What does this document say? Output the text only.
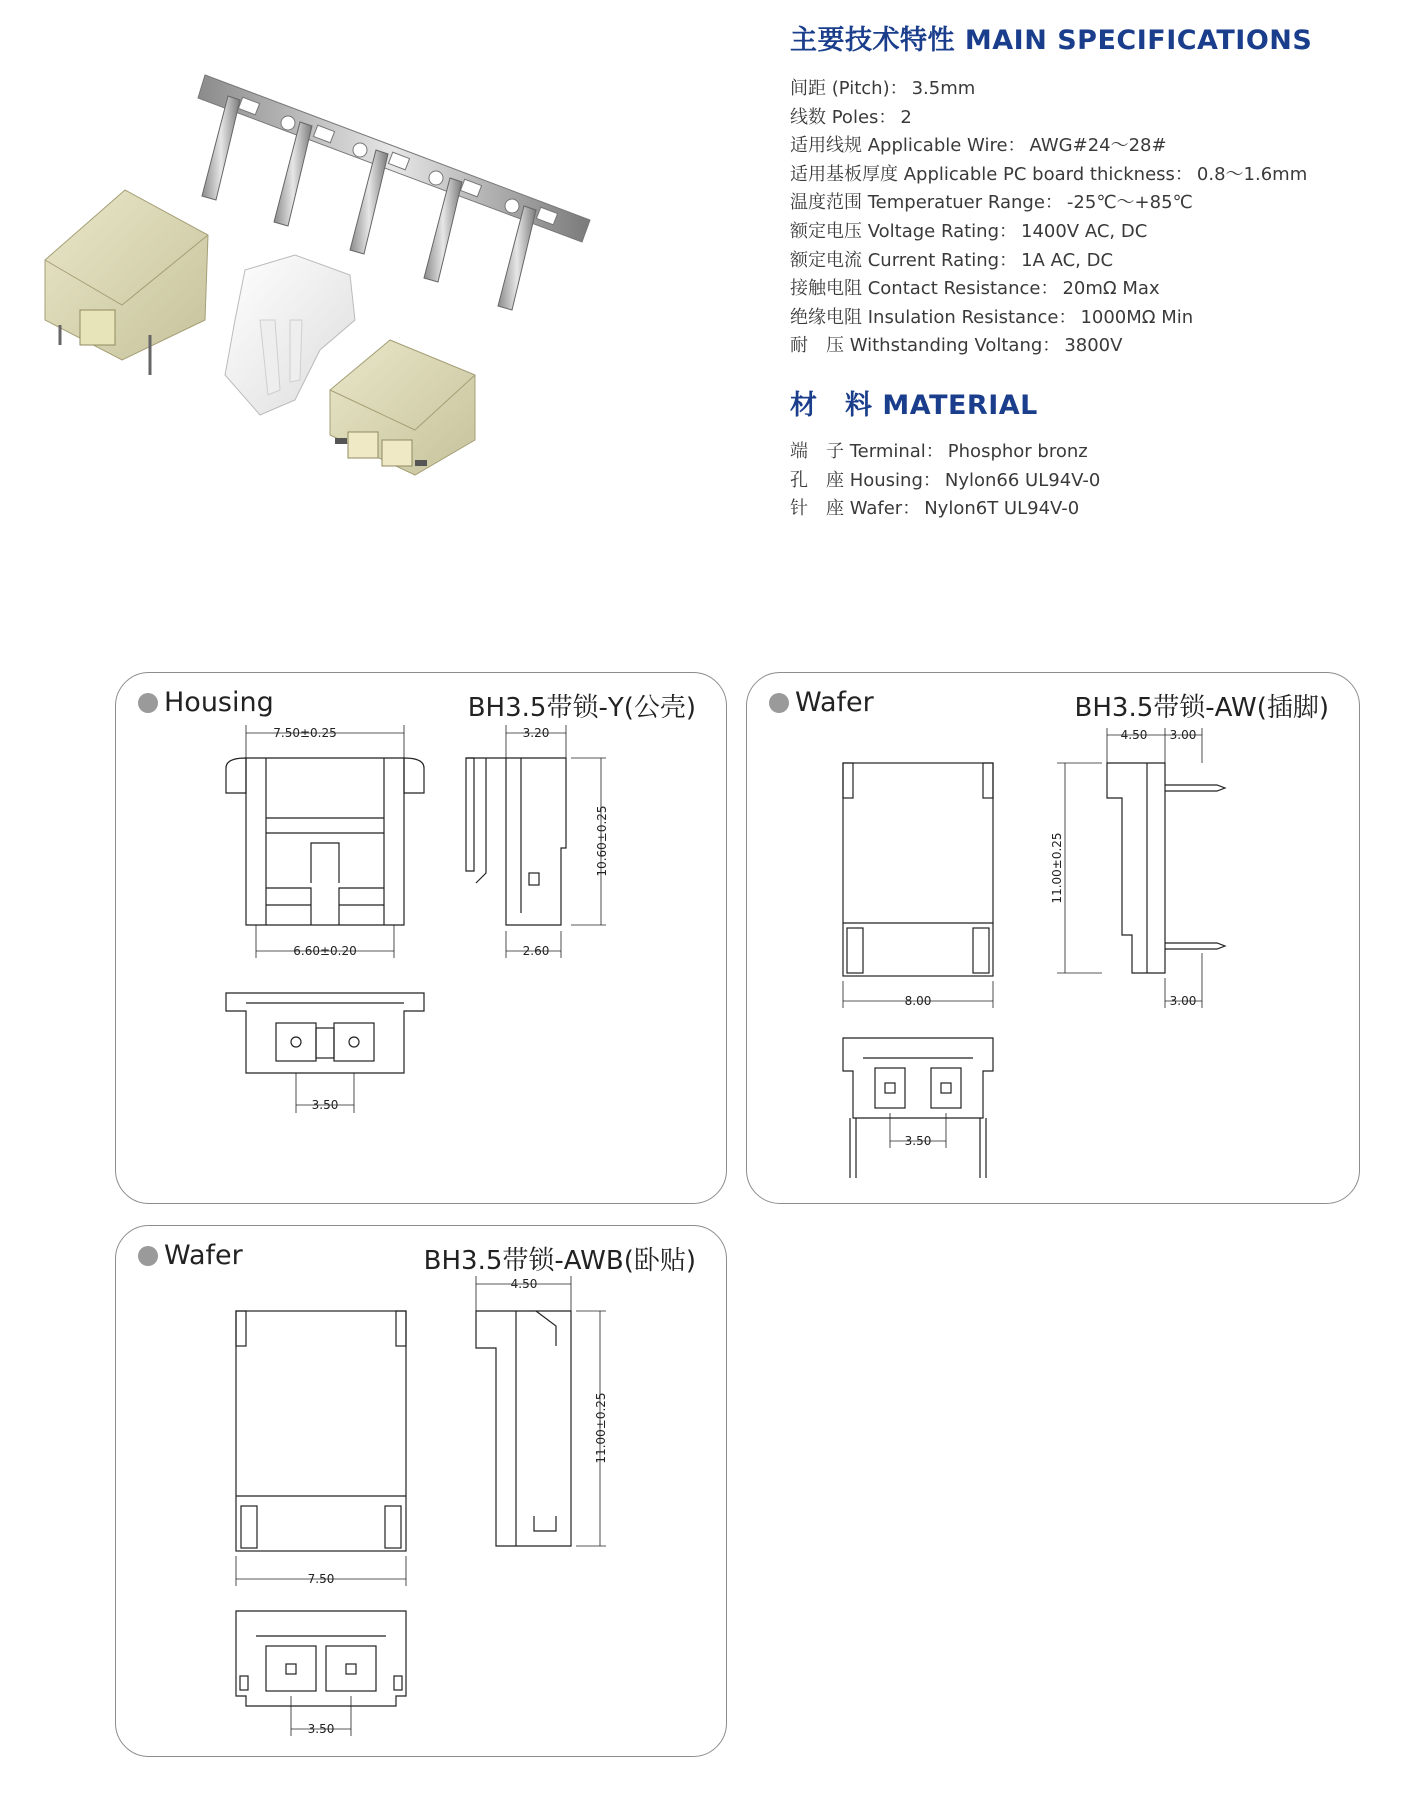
主要技术特性 MAIN SPECIFICATIONS
间距 (Pitch)： 3.5mm
线数 Poles： 2
适用线规 Applicable Wire： AWG#24～28#
适用基板厚度 Applicable PC board thickness： 0.8～1.6mm
温度范围 Temperatuer Range： -25℃～+85℃
额定电压 Voltage Rating： 1400V AC, DC
额定电流 Current Rating： 1A AC, DC
接触电阻 Contact Resistance： 20mΩ Max
绝缘电阻 Insulation Resistance： 1000MΩ Min
耐　压 Withstanding Voltang： 3800V
材　料 MATERIAL
端　子 Terminal： Phosphor bronz
孔　座 Housing： Nylon66 UL94V-0
针　座 Wafer： Nylon6T UL94V-0
Housing	BH3.5带锁-Y(公壳)
7.50±0.25
6.60±0.20
3.20
10.60±0.25
2.60
3.50
Wafer	BH3.5带锁-AW(插脚)
8.00
4.50 3.00
11.00±0.25
3.00
3.50
Wafer	BH3.5带锁-AWB(卧贴)
7.50
4.50
11.00±0.25
3.50
